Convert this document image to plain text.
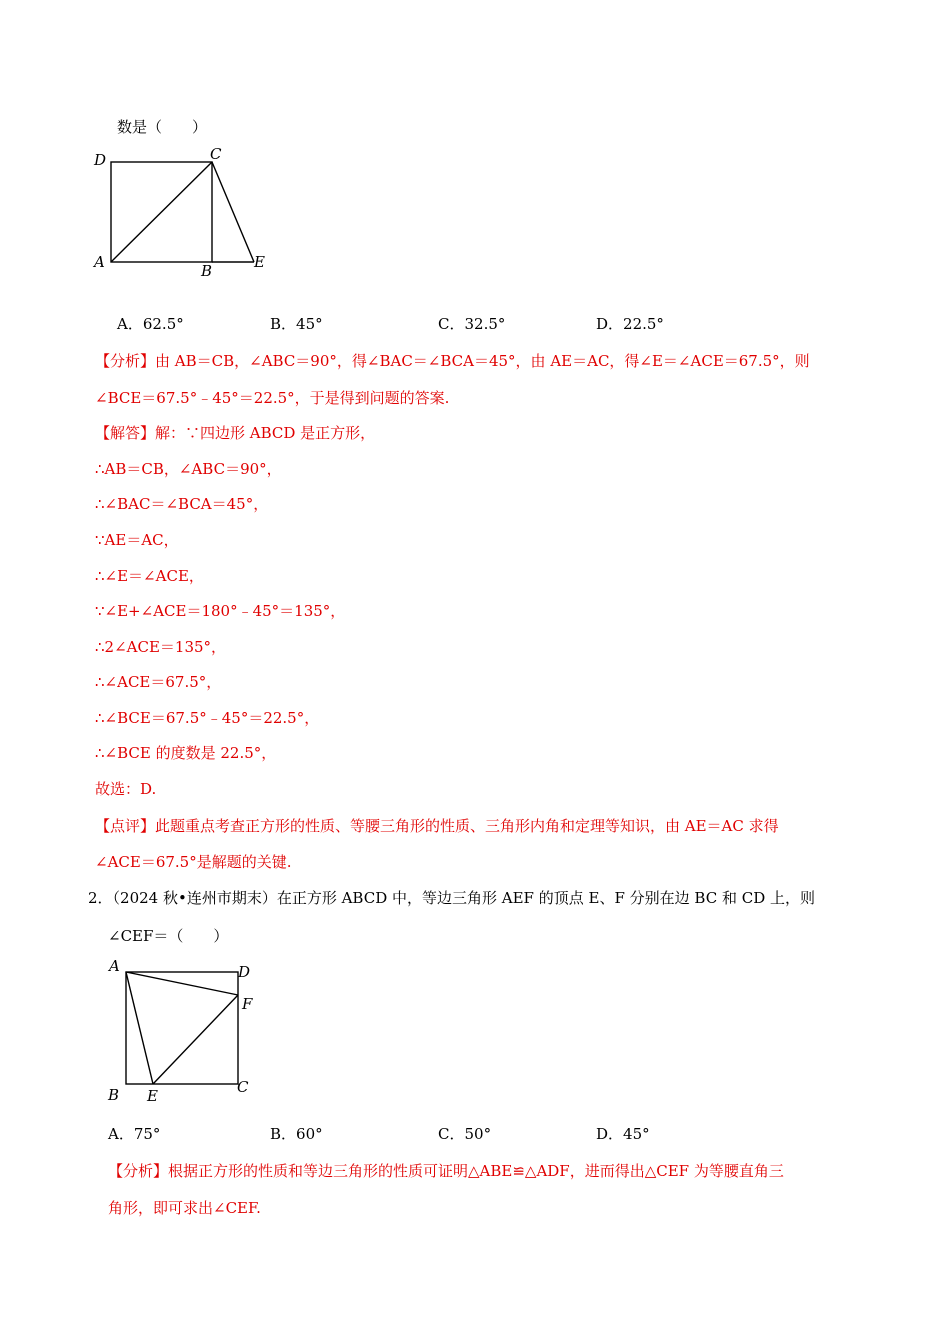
数是（　　）
D	C
A	B	E
A．62.5°	B．45°	C．32.5°	D．22.5°
【分析】由 AB＝CB，∠ABC＝90°，得∠BAC＝∠BCA＝45°，由 AE＝AC，得∠E＝∠ACE＝67.5°，则
∠BCE＝67.5°﹣45°＝22.5°，于是得到问题的答案.
【解答】解：∵四边形 ABCD 是正方形，
∴AB＝CB，∠ABC＝90°，
∴∠BAC＝∠BCA＝45°，
∵AE＝AC，
∴∠E＝∠ACE，
∵∠E+∠ACE＝180°﹣45°＝135°，
∴2∠ACE＝135°，
∴∠ACE＝67.5°，
∴∠BCE＝67.5°﹣45°＝22.5°，
∴∠BCE 的度数是 22.5°，
故选：D.
【点评】此题重点考查正方形的性质、等腰三角形的性质、三角形内角和定理等知识，由 AE＝AC 求得
∠ACE＝67.5°是解题的关键.
2．（2024 秋•连州市期末）在正方形 ABCD 中，等边三角形 AEF 的顶点 E、F 分别在边 BC 和 CD 上，则
∠CEF＝（　　）
A	D
F
B E	C
A．75°	B．60°	C．50°	D．45°
【分析】根据正方形的性质和等边三角形的性质可证明△ABE≌△ADF，进而得出△CEF 为等腰直角三
角形，即可求出∠CEF.
